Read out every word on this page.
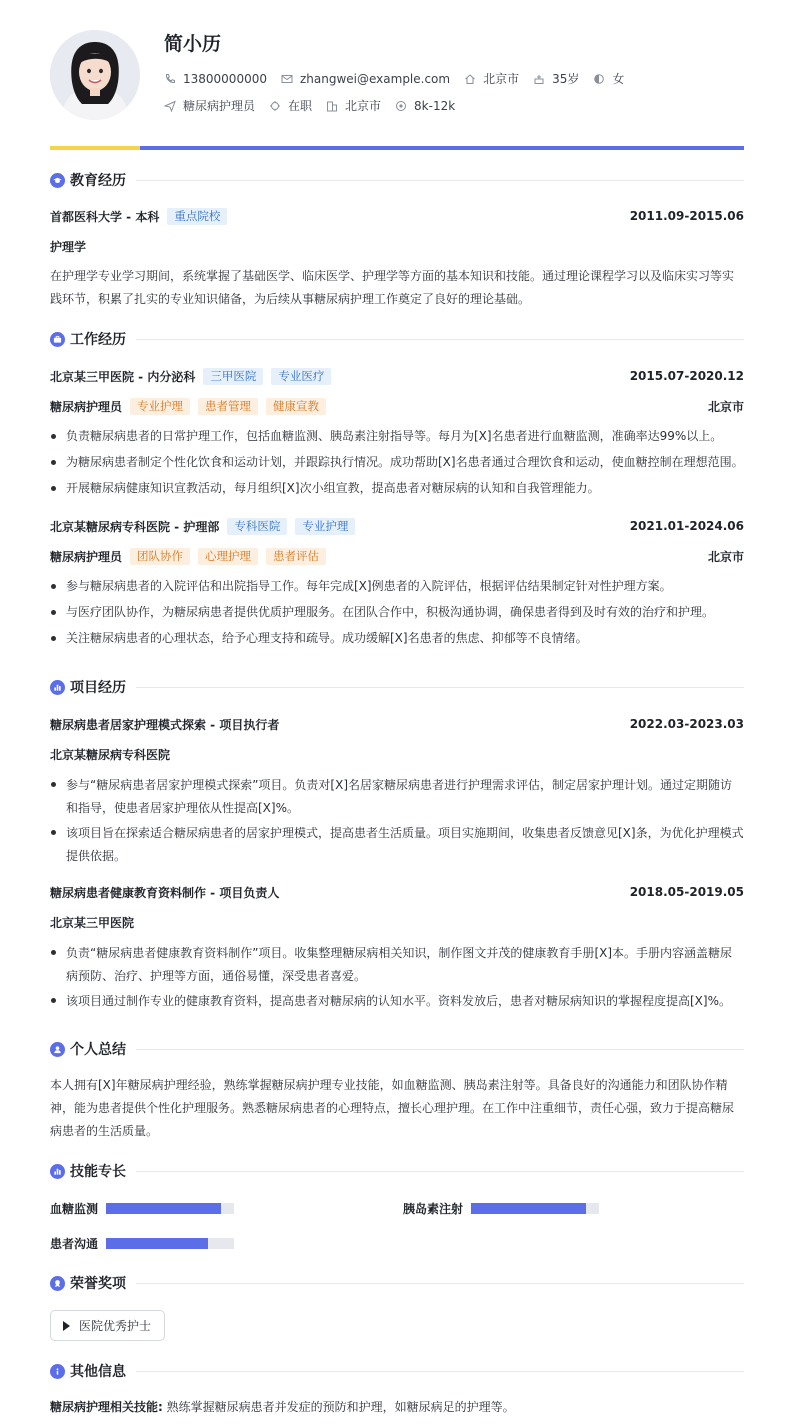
简小历
13800000000	zhangwei@example.com	北京市	35岁	女
糖尿病护理员	在职	北京市	8k-12k
教育经历
首都医科大学 - 本科	重点院校	2011.09-2015.06
护理学
在护理学专业学习期间，系统掌握了基础医学、临床医学、护理学等方面的基本知识和技能。通过理论课程学习以及临床实习等实践环节，积累了扎实的专业知识储备，为后续从事糖尿病护理工作奠定了良好的理论基础。
工作经历
北京某三甲医院 - 内分泌科	三甲医院	专业医疗	2015.07-2020.12
糖尿病护理员	专业护理	患者管理	健康宣教	北京市
负责糖尿病患者的日常护理工作，包括血糖监测、胰岛素注射指导等。每月为[X]名患者进行血糖监测，准确率达99%以上。
为糖尿病患者制定个性化饮食和运动计划，并跟踪执行情况。成功帮助[X]名患者通过合理饮食和运动，使血糖控制在理想范围。
开展糖尿病健康知识宣教活动，每月组织[X]次小组宣教，提高患者对糖尿病的认知和自我管理能力。
北京某糖尿病专科医院 - 护理部	专科医院	专业护理	2021.01-2024.06
糖尿病护理员	团队协作	心理护理	患者评估	北京市
参与糖尿病患者的入院评估和出院指导工作。每年完成[X]例患者的入院评估，根据评估结果制定针对性护理方案。
与医疗团队协作，为糖尿病患者提供优质护理服务。在团队合作中，积极沟通协调，确保患者得到及时有效的治疗和护理。
关注糖尿病患者的心理状态，给予心理支持和疏导。成功缓解[X]名患者的焦虑、抑郁等不良情绪。
项目经历
糖尿病患者居家护理模式探索 - 项目执行者	2022.03-2023.03
北京某糖尿病专科医院
参与“糖尿病患者居家护理模式探索”项目。负责对[X]名居家糖尿病患者进行护理需求评估，制定居家护理计划。通过定期随访和指导，使患者居家护理依从性提高[X]%。
该项目旨在探索适合糖尿病患者的居家护理模式，提高患者生活质量。项目实施期间，收集患者反馈意见[X]条，为优化护理模式提供依据。
糖尿病患者健康教育资料制作 - 项目负责人	2018.05-2019.05
北京某三甲医院
负责“糖尿病患者健康教育资料制作”项目。收集整理糖尿病相关知识，制作图文并茂的健康教育手册[X]本。手册内容涵盖糖尿病预防、治疗、护理等方面，通俗易懂，深受患者喜爱。
该项目通过制作专业的健康教育资料，提高患者对糖尿病的认知水平。资料发放后，患者对糖尿病知识的掌握程度提高[X]%。
个人总结
本人拥有[X]年糖尿病护理经验，熟练掌握糖尿病护理专业技能，如血糖监测、胰岛素注射等。具备良好的沟通能力和团队协作精神，能为患者提供个性化护理服务。熟悉糖尿病患者的心理特点，擅长心理护理。在工作中注重细节，责任心强，致力于提高糖尿病患者的生活质量。
技能专长
血糖监测	胰岛素注射
患者沟通
荣誉奖项
医院优秀护士
其他信息
糖尿病护理相关技能: 熟练掌握糖尿病患者并发症的预防和护理，如糖尿病足的护理等。
